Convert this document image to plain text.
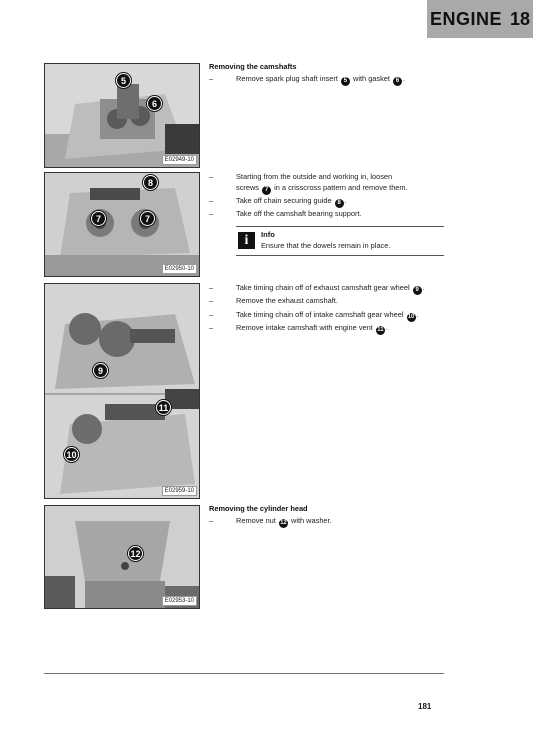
ENGINE 18
5
6
E02949-10
8
7	7
E02950-10
9
11
10
E02959-10
12
E02953-10
Removing the camshafts
–	Remove spark plug shaft insert 5 with gasket 6 .
–	Starting from the outside and working in, loosen
screws 7 in a crisscross pattern and remove them.
–	Take off chain securing guide 8 .
–	Take off the camshaft bearing support.
i	Info
Ensure that the dowels remain in place.
–	Take timing chain off of exhaust camshaft gear wheel 9 .
–	Remove the exhaust camshaft.
–	Take timing chain off of intake camshaft gear wheel 10 .
–	Remove intake camshaft with engine vent 11 .
Removing the cylinder head
–	Remove nut 12 with washer.
181
